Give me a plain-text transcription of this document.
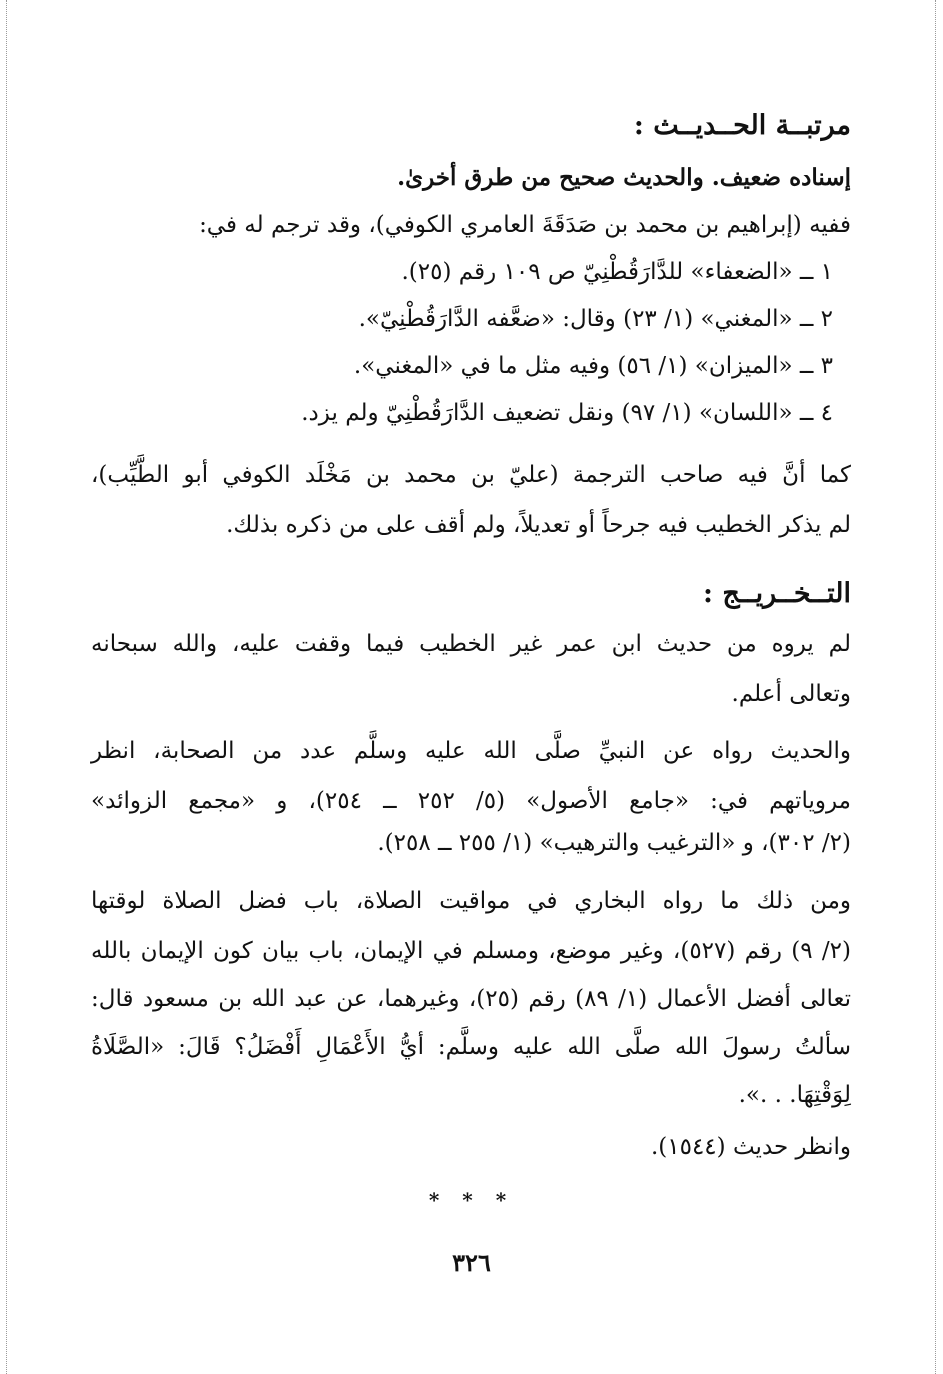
مرتبــة الحــديــث :
إسناده ضعيف. والحديث صحيح من طرق أخرىٰ.
ففيه (إبراهيم بن محمد بن صَدَقَةَ العامري الكوفي)، وقد ترجم له في:
١ ــ «الضعفاء» للدَّارَقُطْنِيّ ص ١٠٩ رقم (٢٥).
٢ ــ «المغني» (١/ ٢٣) وقال: «ضعَّفه الدَّارَقُطْنِيّ».
٣ ــ «الميزان» (١/ ٥٦) وفيه مثل ما في «المغني».
٤ ــ «اللسان» (١/ ٩٧) ونقل تضعيف الدَّارَقُطْنِيّ ولم يزد.
كما أنَّ فيه صاحب الترجمة (عليّ بن محمد بن مَخْلَد الكوفي أبو الطَّيِّب)،
لم يذكر الخطيب فيه جرحاً أو تعديلاً، ولم أقف على من ذكره بذلك.
التــخــريــج :
لم يروه من حديث ابن عمر غير الخطيب فيما وقفت عليه، والله سبحانه
وتعالى أعلم.
والحديث رواه عن النبيِّ صلَّى الله عليه وسلَّم عدد من الصحابة، انظر
مروياتهم في: «جامع الأصول» (٥/ ٢٥٢ ــ ٢٥٤)، و «مجمع الزوائد»
(٢/ ٣٠٢)، و «الترغيب والترهيب» (١/ ٢٥٥ ــ ٢٥٨).
ومن ذلك ما رواه البخاري في مواقيت الصلاة، باب فضل الصلاة لوقتها
(٢/ ٩) رقم (٥٢٧)، وغير موضع، ومسلم في الإيمان، باب بيان كون الإيمان بالله
تعالى أفضل الأعمال (١/ ٨٩) رقم (٢٥)، وغيرهما، عن عبد الله بن مسعود قال:
سألتُ رسولَ الله صلَّى الله عليه وسلَّم: أيُّ الأَعْمَالِ أَفْضَلُ؟ قَالَ: «الصَّلَاةُ
لِوَقْتِهَا. . .».
وانظر حديث (١٥٤٤).
* * *
٣٢٦
